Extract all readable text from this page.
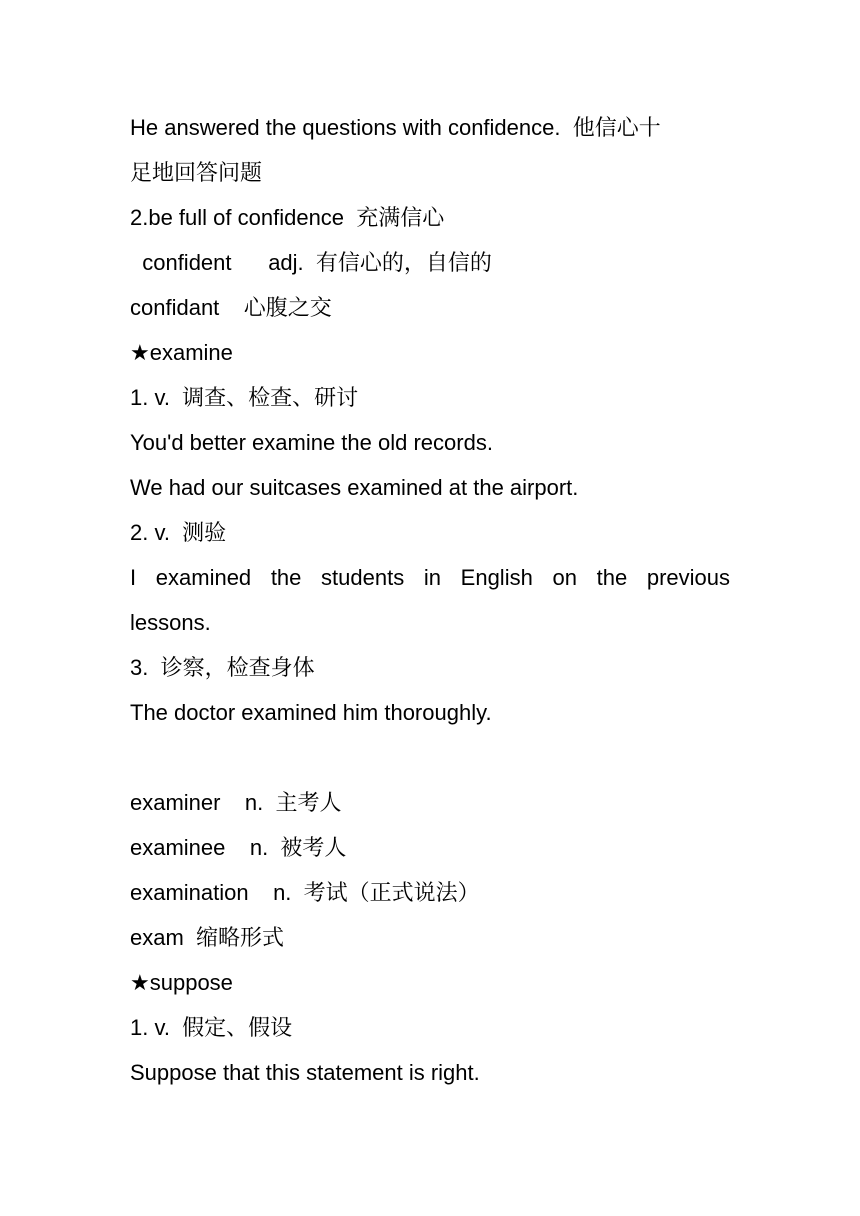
He answered the questions with confidence.  他信心十
足地回答问题
2.be full of confidence  充满信心
confident      adj.  有信心的，自信的
confidant    心腹之交
★examine
1. v.  调查、检查、研讨
You'd better examine the old records.
We had our suitcases examined at the airport.
2. v.  测验
I examined the students in English on the previous
lessons.
3.  诊察，检查身体
The doctor examined him thoroughly.
examiner    n.  主考人
examinee    n.  被考人
examination    n.  考试（正式说法）
exam  缩略形式
★suppose
1. v.  假定、假设
Suppose that this statement is right.
